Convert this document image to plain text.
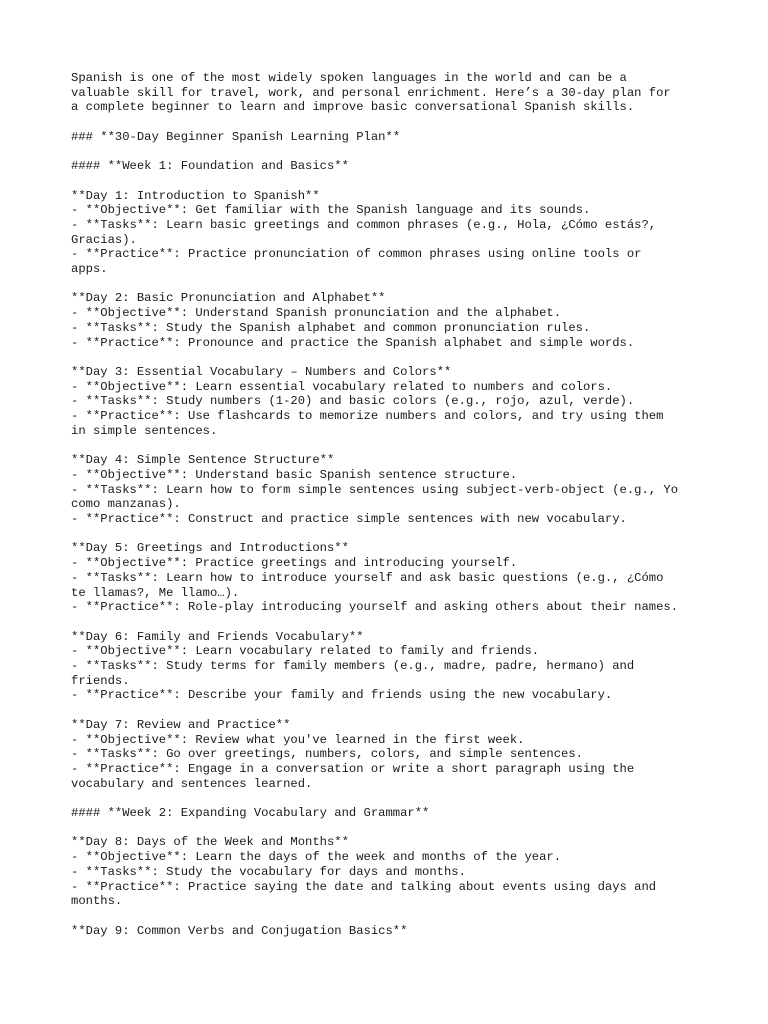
Spanish is one of the most widely spoken languages in the world and can be a
valuable skill for travel, work, and personal enrichment. Here’s a 30-day plan for
a complete beginner to learn and improve basic conversational Spanish skills.
### **30-Day Beginner Spanish Learning Plan**
#### **Week 1: Foundation and Basics**
**Day 1: Introduction to Spanish**
- **Objective**: Get familiar with the Spanish language and its sounds.
- **Tasks**: Learn basic greetings and common phrases (e.g., Hola, ¿Cómo estás?,
Gracias).
- **Practice**: Practice pronunciation of common phrases using online tools or
apps.
**Day 2: Basic Pronunciation and Alphabet**
- **Objective**: Understand Spanish pronunciation and the alphabet.
- **Tasks**: Study the Spanish alphabet and common pronunciation rules.
- **Practice**: Pronounce and practice the Spanish alphabet and simple words.
**Day 3: Essential Vocabulary – Numbers and Colors**
- **Objective**: Learn essential vocabulary related to numbers and colors.
- **Tasks**: Study numbers (1-20) and basic colors (e.g., rojo, azul, verde).
- **Practice**: Use flashcards to memorize numbers and colors, and try using them
in simple sentences.
**Day 4: Simple Sentence Structure**
- **Objective**: Understand basic Spanish sentence structure.
- **Tasks**: Learn how to form simple sentences using subject-verb-object (e.g., Yo
como manzanas).
- **Practice**: Construct and practice simple sentences with new vocabulary.
**Day 5: Greetings and Introductions**
- **Objective**: Practice greetings and introducing yourself.
- **Tasks**: Learn how to introduce yourself and ask basic questions (e.g., ¿Cómo
te llamas?, Me llamo…).
- **Practice**: Role-play introducing yourself and asking others about their names.
**Day 6: Family and Friends Vocabulary**
- **Objective**: Learn vocabulary related to family and friends.
- **Tasks**: Study terms for family members (e.g., madre, padre, hermano) and
friends.
- **Practice**: Describe your family and friends using the new vocabulary.
**Day 7: Review and Practice**
- **Objective**: Review what you've learned in the first week.
- **Tasks**: Go over greetings, numbers, colors, and simple sentences.
- **Practice**: Engage in a conversation or write a short paragraph using the
vocabulary and sentences learned.
#### **Week 2: Expanding Vocabulary and Grammar**
**Day 8: Days of the Week and Months**
- **Objective**: Learn the days of the week and months of the year.
- **Tasks**: Study the vocabulary for days and months.
- **Practice**: Practice saying the date and talking about events using days and
months.
**Day 9: Common Verbs and Conjugation Basics**
